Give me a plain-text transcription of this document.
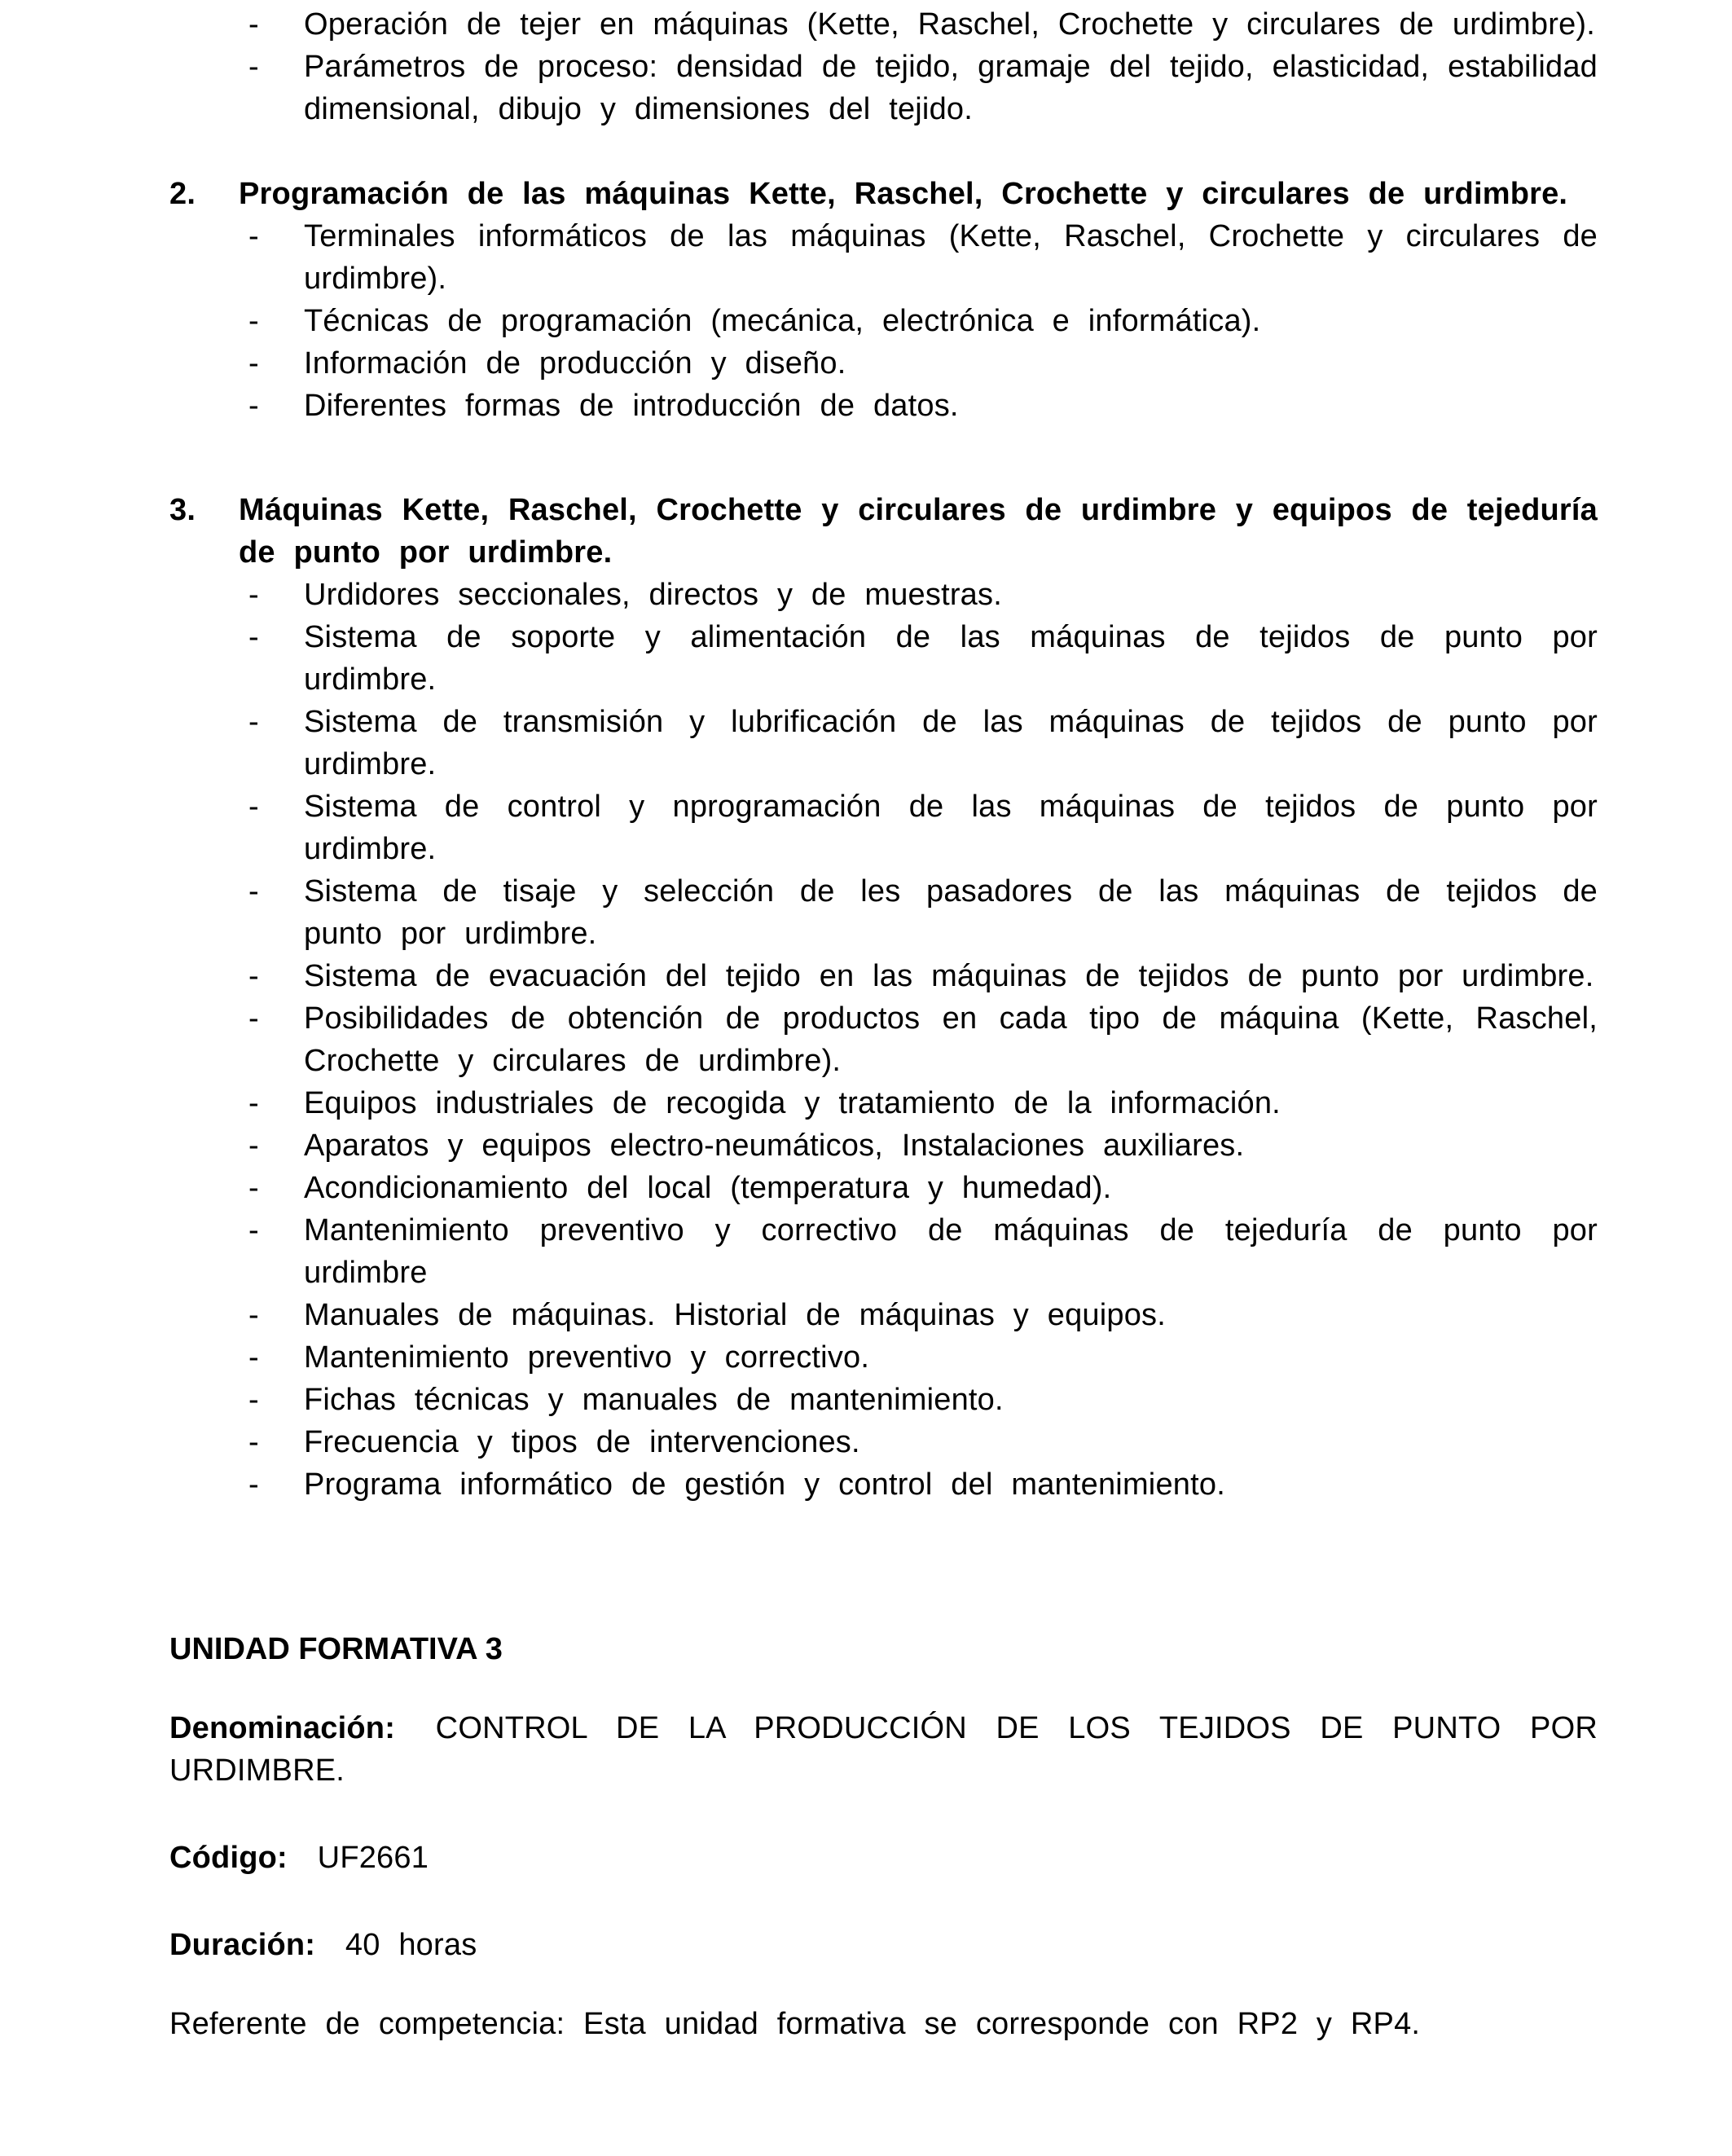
- Operación de tejer en máquinas (Kette, Raschel, Crochette y circulares de urdimbre).
- Parámetros de proceso: densidad de tejido, gramaje del tejido, elasticidad, estabilidad dimensional, dibujo y dimensiones del tejido.
2. Programación de las máquinas Kette, Raschel, Crochette y circulares de urdimbre.
- Terminales informáticos de las máquinas (Kette, Raschel, Crochette y circulares de urdimbre).
- Técnicas de programación (mecánica, electrónica e informática).
- Información de producción y diseño.
- Diferentes formas de introducción de datos.
3. Máquinas Kette, Raschel, Crochette y circulares de urdimbre y equipos de tejeduría de punto por urdimbre.
- Urdidores seccionales, directos y de muestras.
- Sistema de soporte y alimentación de las máquinas de tejidos de punto por urdimbre.
- Sistema de transmisión y lubrificación de las máquinas de tejidos de punto por urdimbre.
- Sistema de control y nprogramación de las máquinas de tejidos de punto por urdimbre.
- Sistema de tisaje y selección de les pasadores de las máquinas de tejidos de punto por urdimbre.
- Sistema de evacuación del tejido en las máquinas de tejidos de punto por urdimbre.
- Posibilidades de obtención de productos en cada tipo de máquina (Kette, Raschel, Crochette y circulares de urdimbre).
- Equipos industriales de recogida y tratamiento de la información.
- Aparatos y equipos electro-neumáticos, Instalaciones auxiliares.
- Acondicionamiento del local (temperatura y humedad).
- Mantenimiento preventivo y correctivo de máquinas de tejeduría de punto por urdimbre
- Manuales de máquinas. Historial de máquinas y equipos.
- Mantenimiento preventivo y correctivo.
- Fichas técnicas y manuales de mantenimiento.
- Frecuencia y tipos de intervenciones.
- Programa informático de gestión y control del mantenimiento.

UNIDAD FORMATIVA 3

Denominación: CONTROL DE LA PRODUCCIÓN DE LOS TEJIDOS DE PUNTO POR URDIMBRE.

Código: UF2661

Duración: 40 horas

Referente de competencia: Esta unidad formativa se corresponde con RP2 y RP4.
